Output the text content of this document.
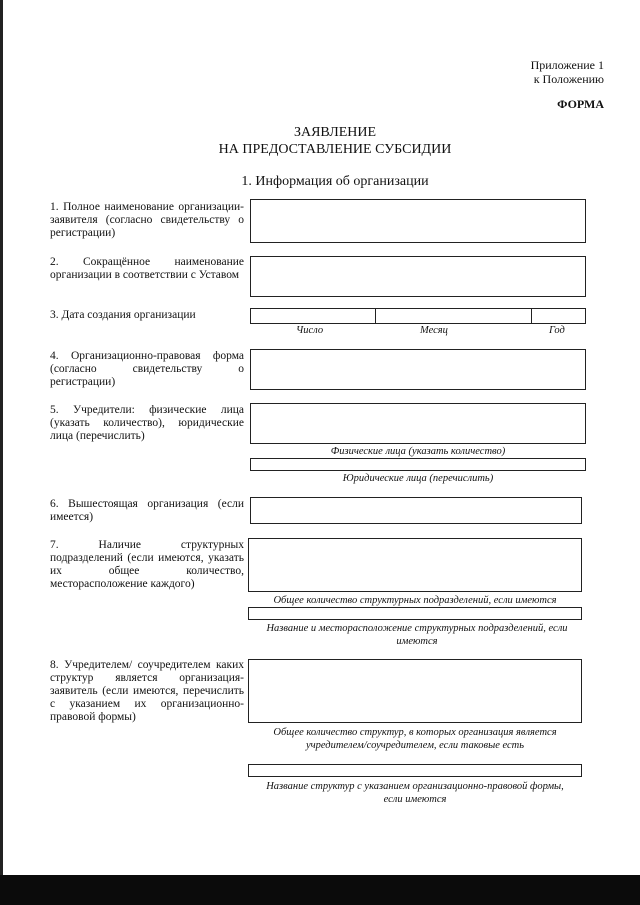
Приложение 1
к Положению
ФОРМА
ЗАЯВЛЕНИЕ
НА ПРЕДОСТАВЛЕНИЕ СУБСИДИИ
1. Информация об организации
1. Полное наименование организации-заявителя (согласно свидетельству о регистрации)
2. Сокращённое наименование организации в соответствии с Уставом
3. Дата создания организации
Число	Месяц	Год
4. Организационно-правовая форма (согласно свидетельству о регистрации)
5. Учредители: физические лица (указать количество), юридические лица (перечислить)
Физические лица (указать количество)
Юридические лица (перечислить)
6. Вышестоящая организация (если имеется)
7. Наличие структурных подразделений (если имеются, указать их общее количество, месторасположение каждого)
Общее количество структурных подразделений, если имеются
Название и месторасположение структурных подразделений, если имеются
8. Учредителем/ соучредителем каких структур является организация-заявитель (если имеются, перечислить с указанием их организационно-правовой формы)
Общее количество структур, в которых организация является учредителем/соучредителем, если таковые есть
Название структур с указанием организационно-правовой формы, если имеются
